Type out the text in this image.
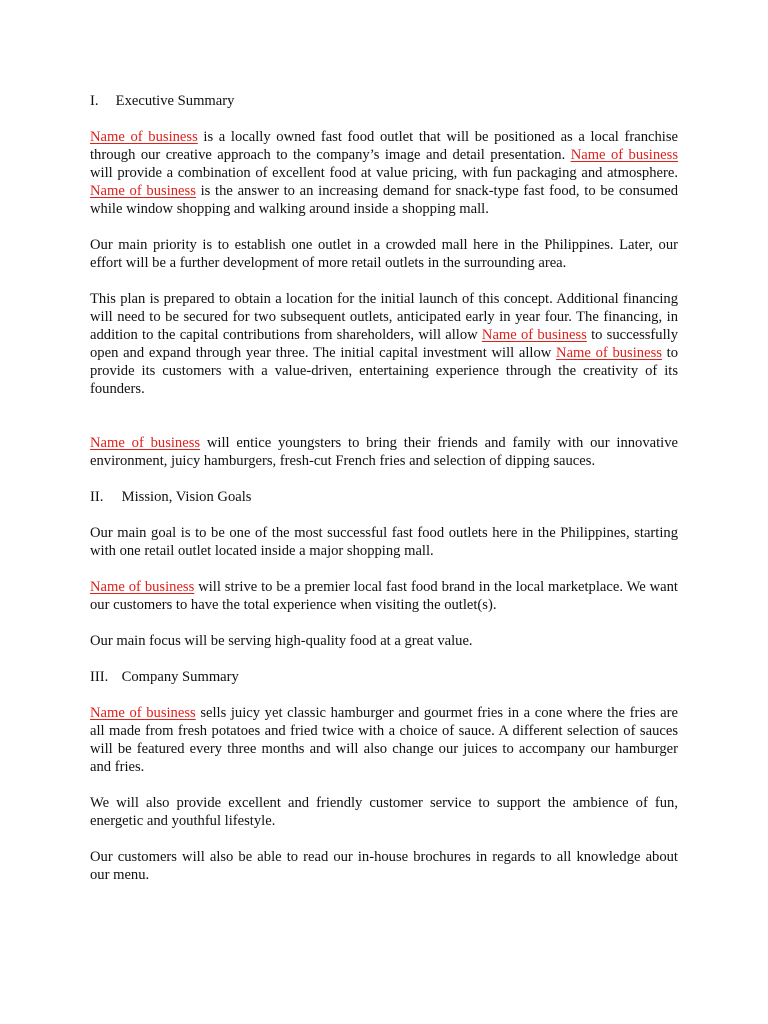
I. Executive Summary

Name of business is a locally owned fast food outlet that will be positioned as a local franchise through our creative approach to the company’s image and detail presentation. Name of business will provide a combination of excellent food at value pricing, with fun packaging and atmosphere. Name of business is the answer to an increasing demand for snack-type fast food, to be consumed while window shopping and walking around inside a shopping mall.

Our main priority is to establish one outlet in a crowded mall here in the Philippines. Later, our effort will be a further development of more retail outlets in the surrounding area.

This plan is prepared to obtain a location for the initial launch of this concept. Additional financing will need to be secured for two subsequent outlets, anticipated early in year four. The financing, in addition to the capital contributions from shareholders, will allow Name of business to successfully open and expand through year three. The initial capital investment will allow Name of business to provide its customers with a value-driven, entertaining experience through the creativity of its founders.

Name of business will entice youngsters to bring their friends and family with our innovative environment, juicy hamburgers, fresh-cut French fries and selection of dipping sauces.

II. Mission, Vision Goals

Our main goal is to be one of the most successful fast food outlets here in the Philippines, starting with one retail outlet located inside a major shopping mall.

Name of business will strive to be a premier local fast food brand in the local marketplace. We want our customers to have the total experience when visiting the outlet(s).

Our main focus will be serving high-quality food at a great value.

III. Company Summary

Name of business sells juicy yet classic hamburger and gourmet fries in a cone where the fries are all made from fresh potatoes and fried twice with a choice of sauce. A different selection of sauces will be featured every three months and will also change our juices to accompany our hamburger and fries.

We will also provide excellent and friendly customer service to support the ambience of fun, energetic and youthful lifestyle.

Our customers will also be able to read our in-house brochures in regards to all knowledge about our menu.
